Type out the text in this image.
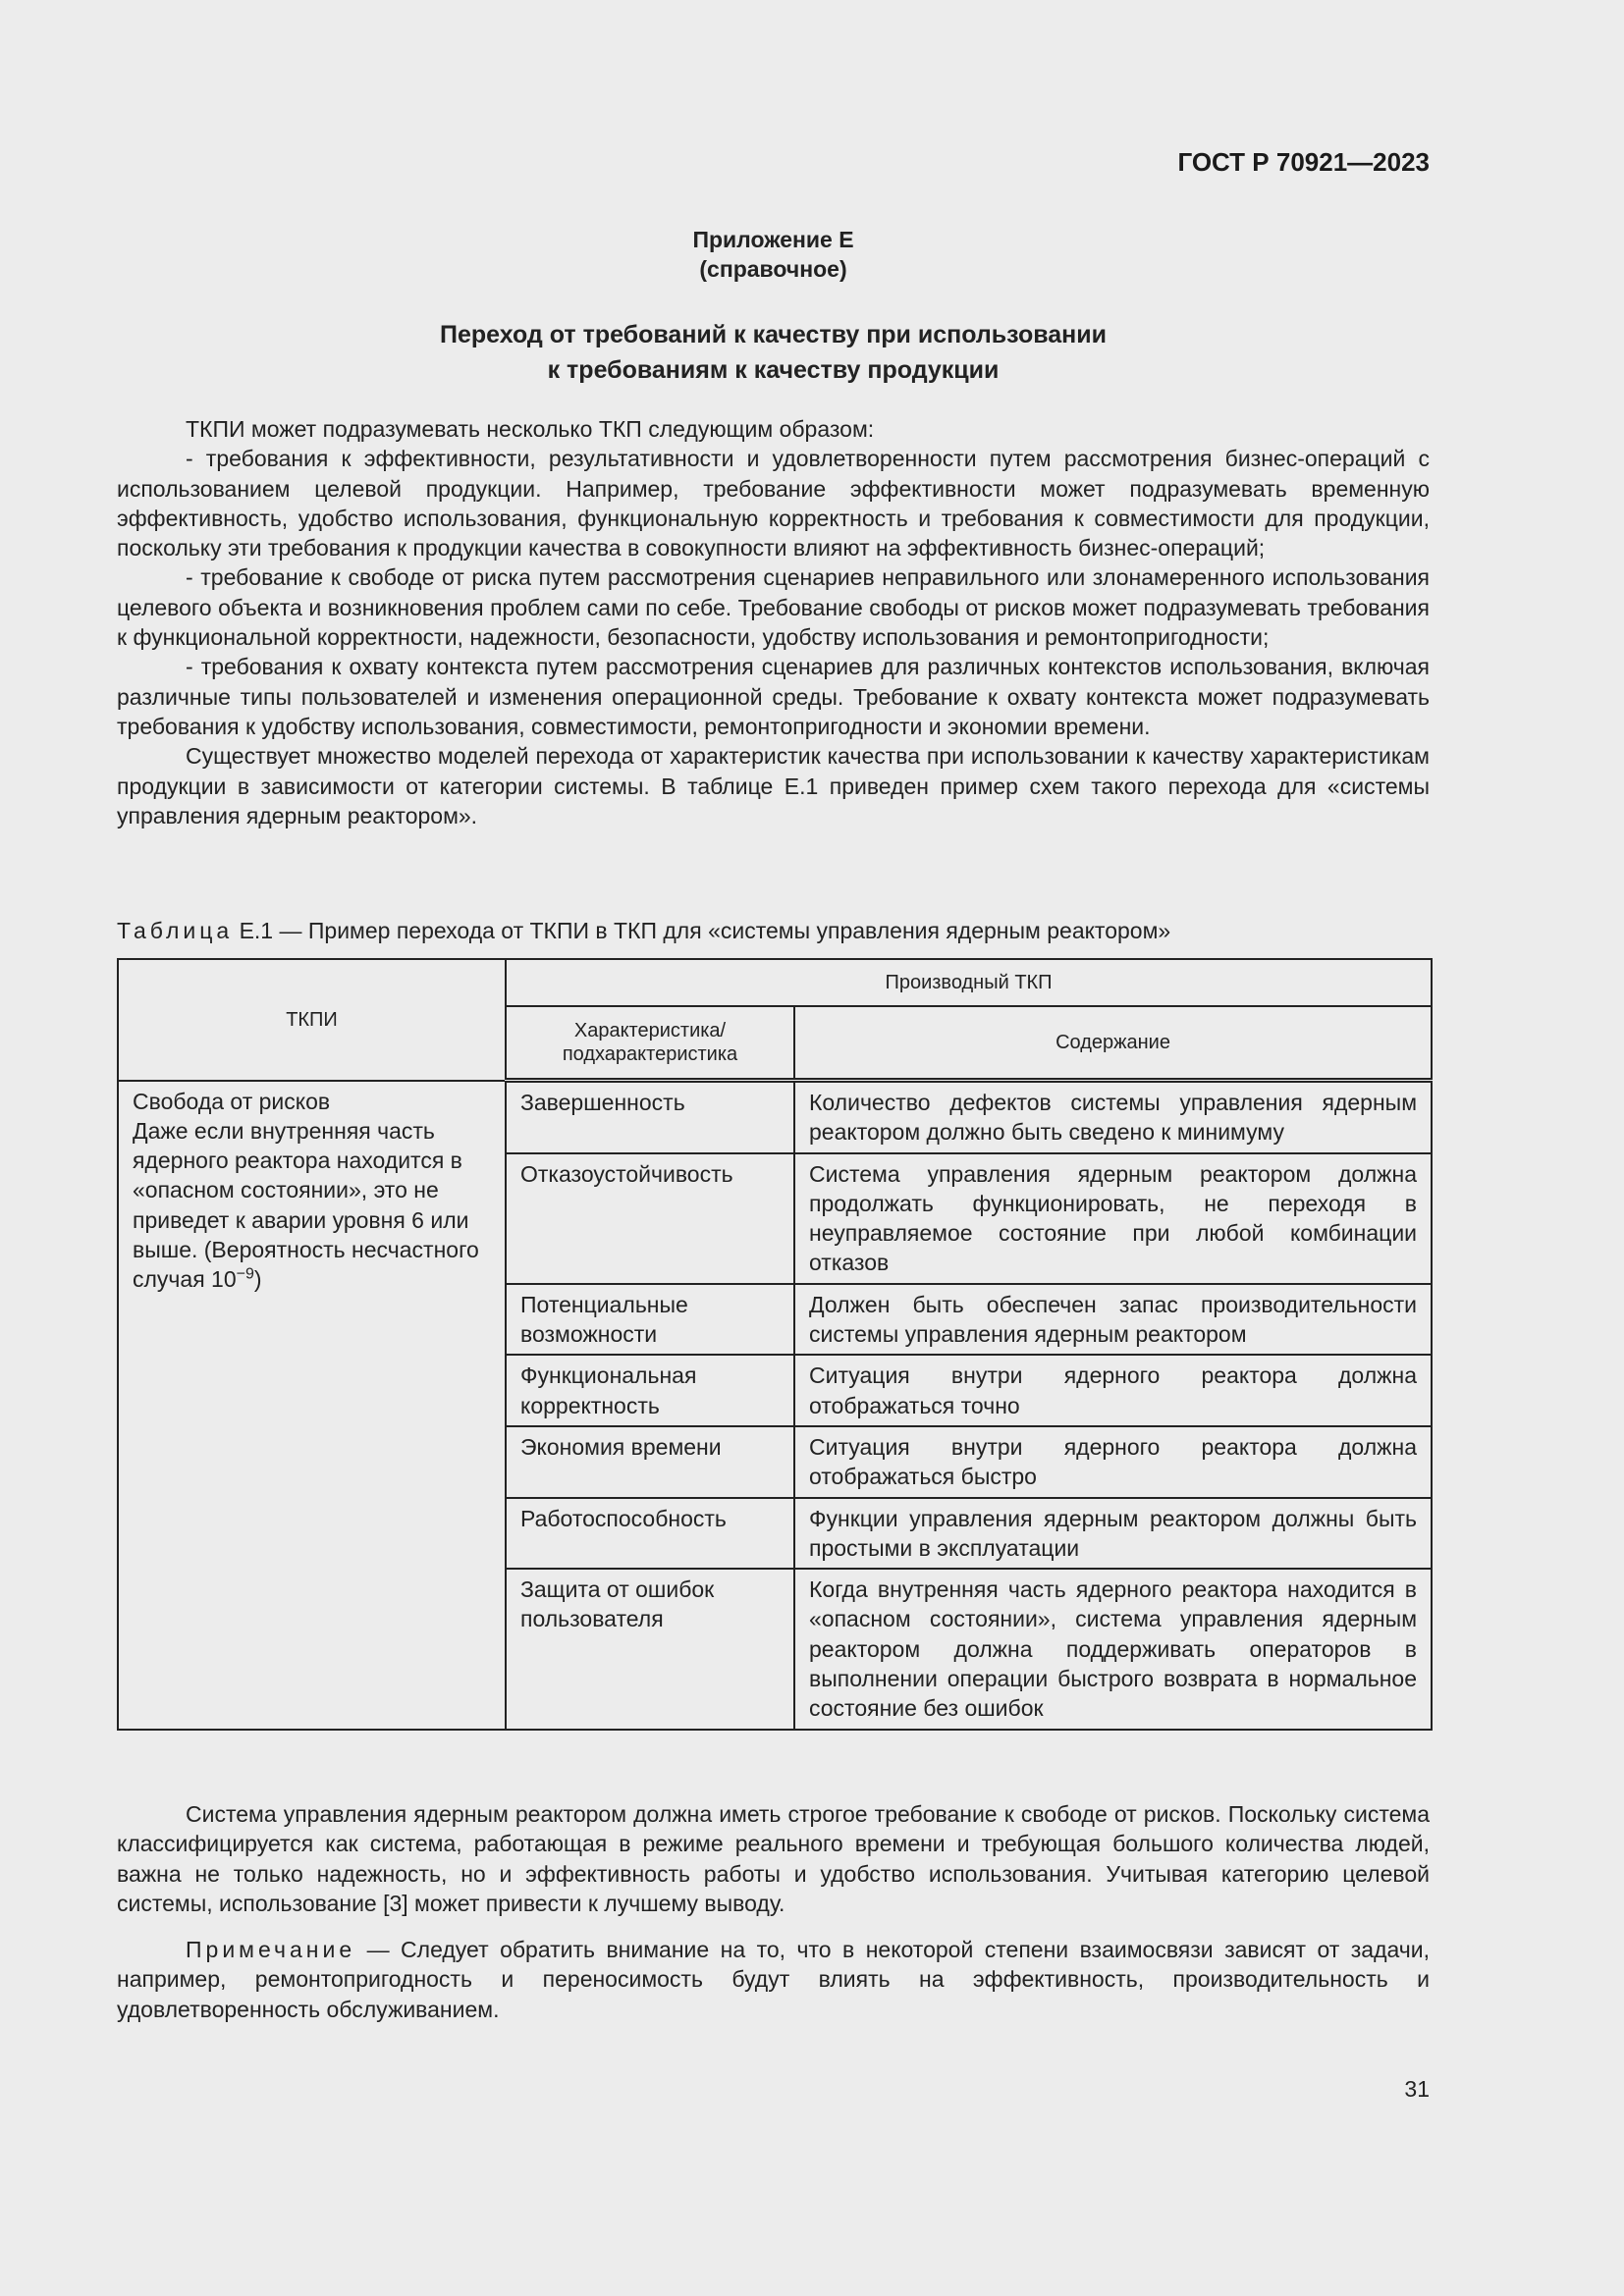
ГОСТ Р 70921—2023
Приложение Е
(справочное)
Переход от требований к качеству при использовании
к требованиям к качеству продукции

ТКПИ может подразумевать несколько ТКП следующим образом:

- требования к эффективности, результативности и удовлетворенности путем рассмотрения бизнес-операций с использованием целевой продукции. Например, требование эффективности может подразумевать временную эффективность, удобство использования, функциональную корректность и требования к совместимости для продукции, поскольку эти требования к продукции качества в совокупности влияют на эффективность бизнес-операций;

- требование к свободе от риска путем рассмотрения сценариев неправильного или злонамеренного использования целевого объекта и возникновения проблем сами по себе. Требование свободы от рисков может подразумевать требования к функциональной корректности, надежности, безопасности, удобству использования и ремонтопригодности;

- требования к охвату контекста путем рассмотрения сценариев для различных контекстов использования, включая различные типы пользователей и изменения операционной среды. Требование к охвату контекста может подразумевать требования к удобству использования, совместимости, ремонтопригодности и экономии времени.

Существует множество моделей перехода от характеристик качества при использовании к качеству характеристикам продукции в зависимости от категории системы. В таблице Е.1 приведен пример схем такого перехода для «системы управления ядерным реактором».

Таблица Е.1 — Пример перехода от ТКПИ в ТКП для «системы управления ядерным реактором»
ТКПИ	Производный ТКП	
	Характеристика/
подхарактеристика	Содержание

Свобода от рисков
Даже если внутренняя часть ядерного реактора находится в «опасном состоянии», это не приведет к аварии уровня 6 или выше. (Вероятность несчастного случая $10^{-9}$)	Завершенность	Количество дефектов системы управления ядерным реактором должно быть сведено к минимуму
	Отказоустойчивость	Система управления ядерным реактором должна продолжать функционировать, не переходя в неуправляемое состояние при любой комбинации отказов
	Потенциальные возможности	Должен быть обеспечен запас производительности системы управления ядерным реактором
	Функциональная корректность	Ситуация внутри ядерного реактора должна отображаться точно
	Экономия времени	Ситуация внутри ядерного реактора должна отображаться быстро
	Работоспособность	Функции управления ядерным реактором должны быть простыми в эксплуатации
	Защита от ошибок пользователя	Когда внутренняя часть ядерного реактора находится в «опасном состоянии», система управления ядерным реактором должна поддерживать операторов в выполнении операции быстрого возврата в нормальное состояние без ошибок

Система управления ядерным реактором должна иметь строгое требование к свободе от рисков. Поскольку система классифицируется как система, работающая в режиме реального времени и требующая большого количества людей, важна не только надежность, но и эффективность работы и удобство использования. Учитывая категорию целевой системы, использование [3] может привести к лучшему выводу.

Примечание — Следует обратить внимание на то, что в некоторой степени взаимосвязи зависят от задачи, например, ремонтопригодность и переносимость будут влиять на эффективность, производительность и удовлетворенность обслуживанием.

31
